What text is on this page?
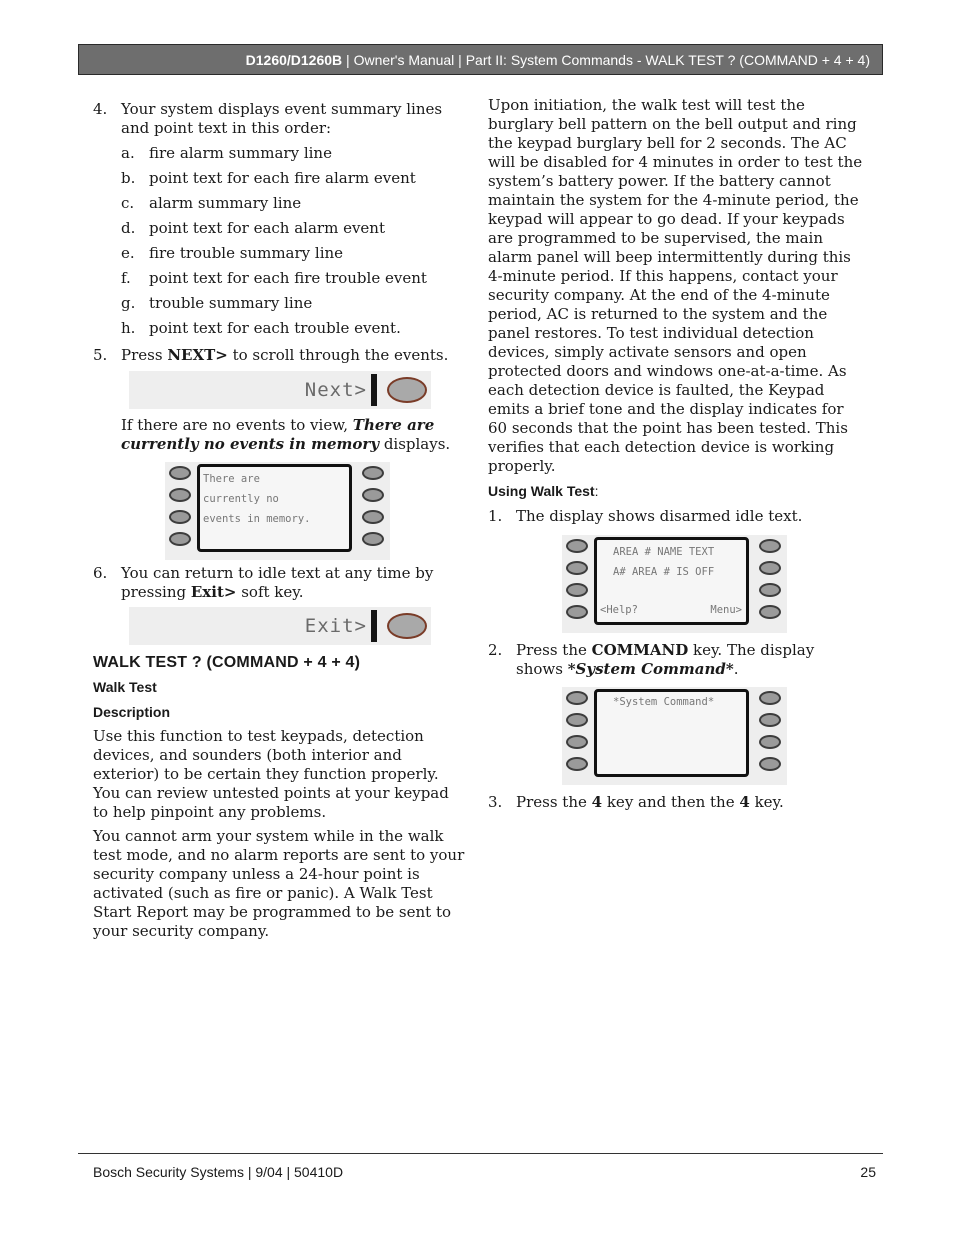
D1260/D1260B | Owner's Manual | Part II: System Commands - WALK TEST ? (COMMAND + 4 + 4)
4. Your system displays event summary lines and point text in this order:
a. fire alarm summary line
b. point text for each fire alarm event
c. alarm summary line
d. point text for each alarm event
e. fire trouble summary line
f.	point text for each fire trouble event
g. trouble summary line
h. point text for each trouble event.
5. Press NEXT> to scroll through the events.
Next>

If there are no events to view, There are currently no events in memory displays.

There are
currently no
events in memory.
6. You can return to idle text at any time by pressing Exit> soft key.
Exit>
WALK TEST ? (COMMAND + 4 + 4)
Walk Test
Description

Use this function to test keypads, detection devices, and sounders (both interior and exterior) to be certain they function properly. You can review untested points at your keypad to help pinpoint any problems.

You cannot arm your system while in the walk test mode, and no alarm reports are sent to your security company unless a 24-hour point is activated (such as fire or panic). A Walk Test Start Report may be programmed to be sent to your security company.

Upon initiation, the walk test will test the burglary bell pattern on the bell output and ring the keypad burglary bell for 2 seconds. The AC will be disabled for 4 minutes in order to test the system’s battery power. If the battery cannot maintain the system for the 4-minute period, the keypad will appear to go dead. If your keypads are programmed to be supervised, the main alarm panel will beep intermittently during this 4-minute period. If this happens, contact your security company. At the end of the 4-minute period, AC is returned to the system and the panel restores. To test individual detection devices, simply activate sensors and open protected doors and windows one-at-a-time. As each detection device is faulted, the Keypad emits a brief tone and the display indicates for 60 seconds that the point has been tested. This verifies that each detection device is working properly.

Using Walk Test:
1. The display shows disarmed idle text.
AREA # NAME TEXT
A# AREA # IS OFF
<Help?	Menu>
2. Press the COMMAND key. The display shows *System Command*.
*System Command*
3. Press the 4 key and then the 4 key.
Bosch Security Systems | 9/04 | 50410D	25
